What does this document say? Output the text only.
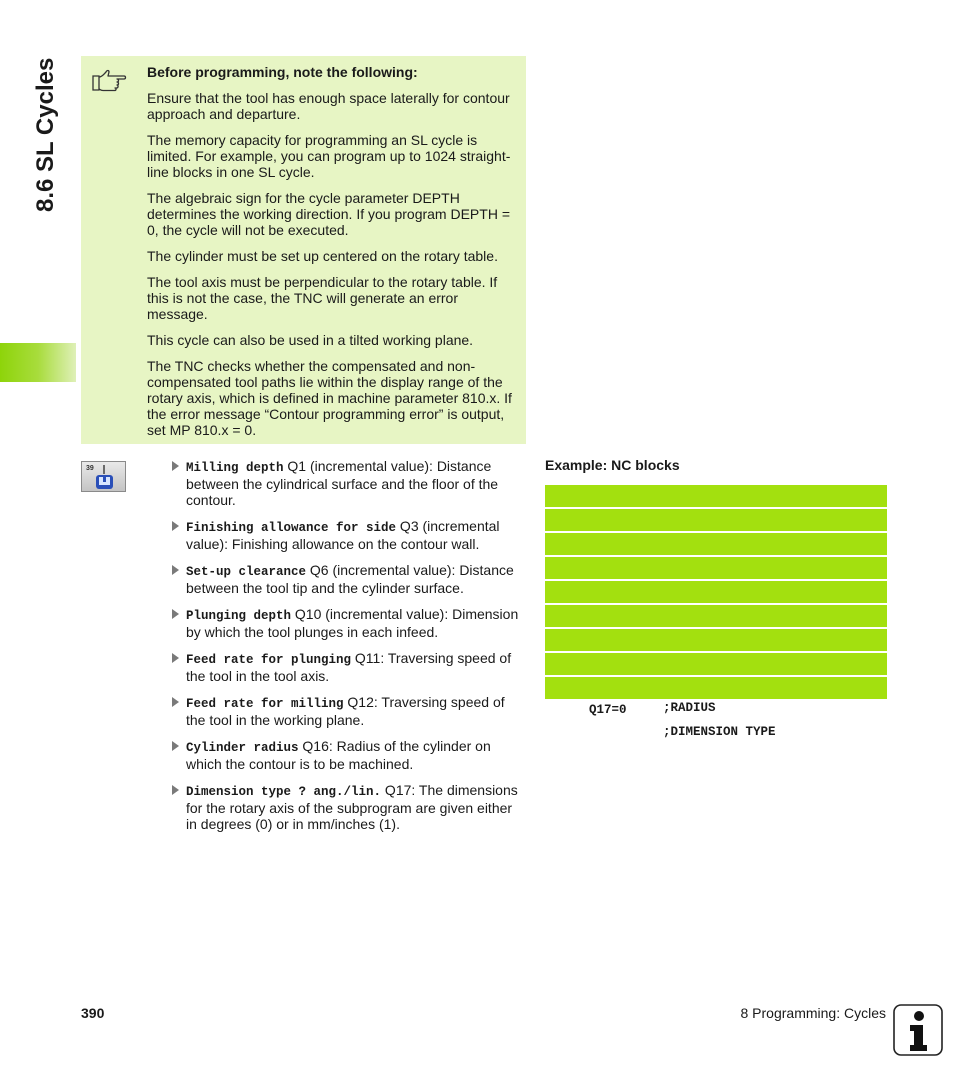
8.6 SL Cycles	Before programming, note the following:

Ensure that the tool has enough space laterally for contour approach and departure.

The memory capacity for programming an SL cycle is limited. For example, you can program up to 1024 straight-line blocks in one SL cycle.

The algebraic sign for the cycle parameter DEPTH determines the working direction. If you program DEPTH = 0, the cycle will not be executed.

The cylinder must be set up centered on the rotary table.

The tool axis must be perpendicular to the rotary table. If this is not the case, the TNC will generate an error message.

This cycle can also be used in a tilted working plane.

The TNC checks whether the compensated and non-compensated tool paths lie within the display range of the rotary axis, which is defined in machine parameter 810.x. If the error message “Contour programming error” is output, set MP 810.x = 0.

39	Milling depth Q1 (incremental value): Distance between the cylindrical surface and the floor of the contour.
Finishing allowance for side Q3 (incremental value): Finishing allowance on the contour wall.
Set-up clearance Q6 (incremental value): Distance between the tool tip and the cylinder surface.
Plunging depth Q10 (incremental value): Dimension by which the tool plunges in each infeed.
Feed rate for plunging Q11: Traversing speed of the tool in the tool axis.
Feed rate for milling Q12: Traversing speed of the tool in the working plane.
Cylinder radius Q16: Radius of the cylinder on which the contour is to be machined.
Dimension type ? ang./lin. Q17: The dimensions for the rotary axis of the subprogram are given either in degrees (0) or in mm/inches (1).
Example: NC blocks

;RADIUS

Q17=0

;DIMENSION TYPE

390	8 Programming: Cycles
